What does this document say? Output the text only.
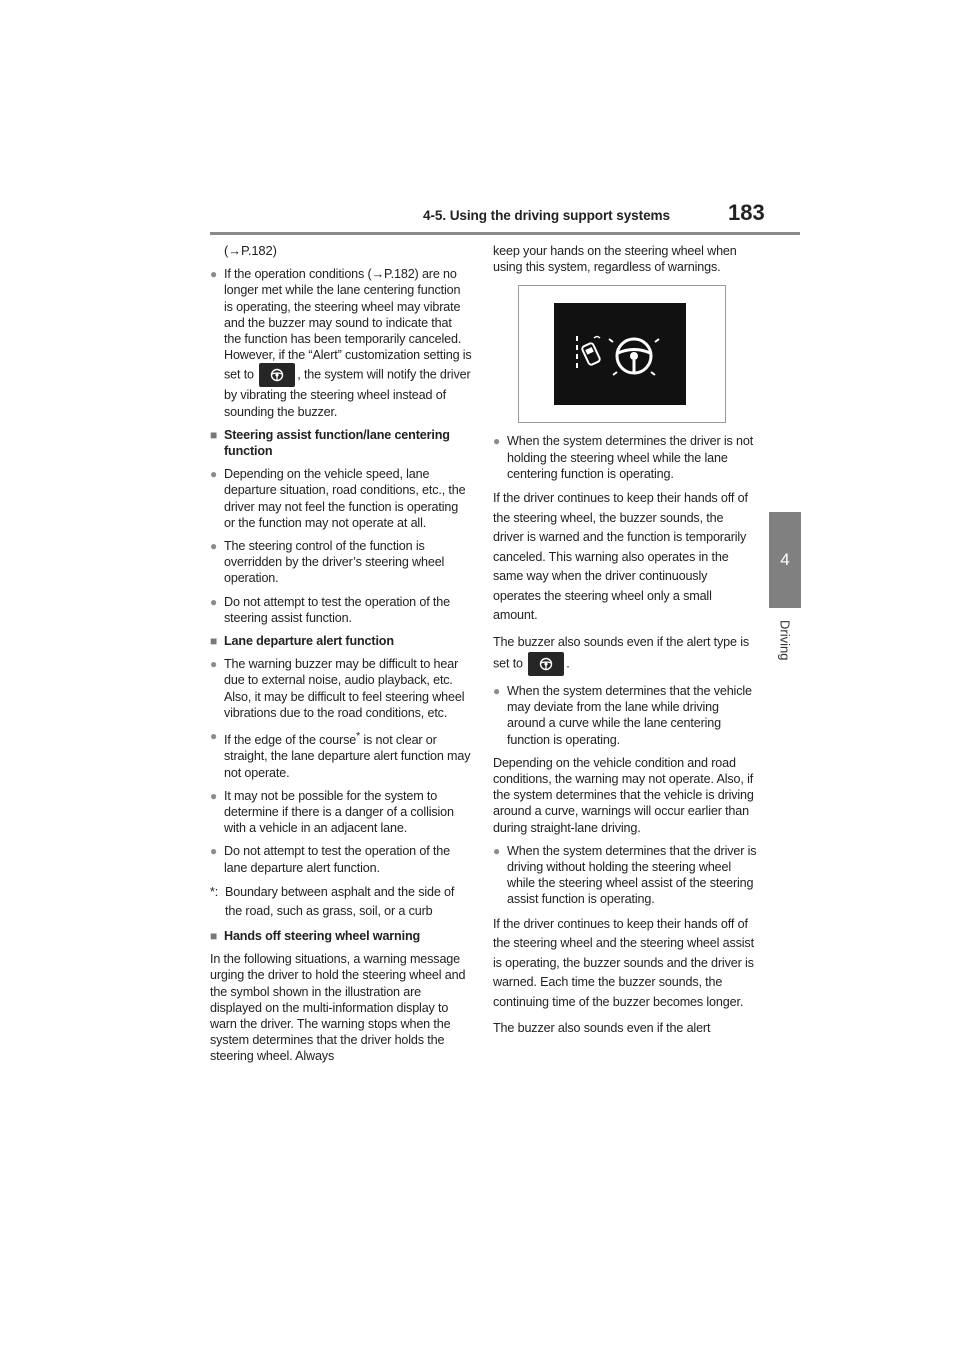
4-5. Using the driving support systems	183
4
Driving

(→P.182)

● If the operation conditions (→P.182) are no longer met while the lane centering function is operating, the steering wheel may vibrate and the buzzer may sound to indicate that the function has been temporarily canceled. However, if the “Alert” customization setting is set to	, the system will notify the driver by vibrating the steering wheel instead of sounding the buzzer.
■ Steering assist function/lane centering function
● Depending on the vehicle speed, lane departure situation, road conditions, etc., the driver may not feel the function is operating or the function may not operate at all.
● The steering control of the function is overridden by the driver’s steering wheel operation.
● Do not attempt to test the operation of the steering assist function.
■ Lane departure alert function
● The warning buzzer may be difficult to hear due to external noise, audio playback, etc. Also, it may be difficult to feel steering wheel vibrations due to the road conditions, etc.
● If the edge of the course* is not clear or straight, the lane departure alert function may not operate.
● It may not be possible for the system to determine if there is a danger of a collision with a vehicle in an adjacent lane.
● Do not attempt to test the operation of the lane departure alert function.
*: Boundary between asphalt and the side of the road, such as grass, soil, or a curb
■ Hands off steering wheel warning

In the following situations, a warning message urging the driver to hold the steering wheel and the symbol shown in the illustration are displayed on the multi-information display to warn the driver. The warning stops when the system determines that the driver holds the steering wheel. Always

keep your hands on the steering wheel when using this system, regardless of warnings.

● When the system determines the driver is not holding the steering wheel while the lane centering function is operating.

If the driver continues to keep their hands off of the steering wheel, the buzzer sounds, the driver is warned and the function is temporarily canceled. This warning also operates in the same way when the driver continuously operates the steering wheel only a small amount.

The buzzer also sounds even if the alert type is set to	.

● When the system determines that the vehicle may deviate from the lane while driving around a curve while the lane centering function is operating.

Depending on the vehicle condition and road conditions, the warning may not operate. Also, if the system determines that the vehicle is driving around a curve, warnings will occur earlier than during straight-lane driving.

● When the system determines that the driver is driving without holding the steering wheel while the steering wheel assist of the steering assist function is operating.

If the driver continues to keep their hands off of the steering wheel and the steering wheel assist is operating, the buzzer sounds and the driver is warned. Each time the buzzer sounds, the continuing time of the buzzer becomes longer.

The buzzer also sounds even if the alert
